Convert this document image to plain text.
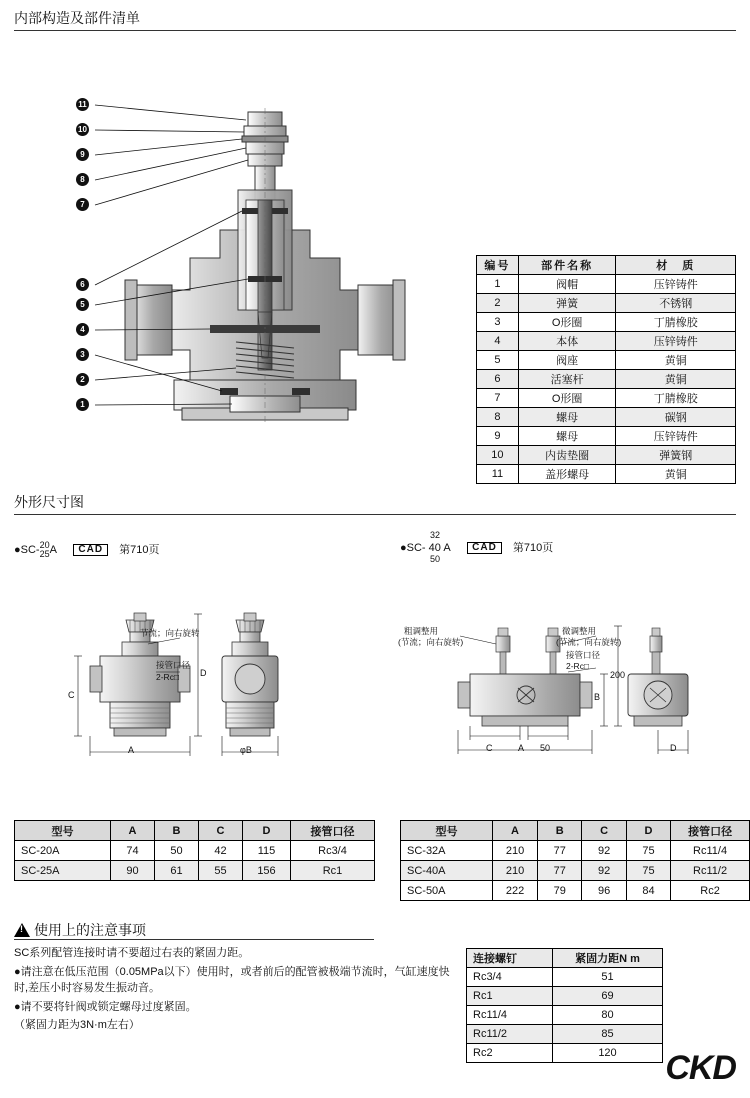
内部构造及部件清单
11
10
9
8
7
6
5
4
3
2
1
编号	部件名称	材　质
1	阀帽	压锌铸件
2	弹簧	不锈钢
3	O形圈	丁腈橡胶
4	本体	压锌铸件
5	阀座	黄铜
6	活塞杆	黄铜
7	O形圈	丁腈橡胶
8	螺母	碳钢
9	螺母	压锌铸件
10	内齿垫圈	弹簧钢
11	盖形螺母	黄铜
外形尺寸图
●SC- 20
25 A CAD 第710页
32
●SC- 40 A CAD 第710页
50
A	φB
C
D
节流；向右旋转
接管口径
2-Rc□
A
C	50
B
200
D
粗调整用
(节流；向右旋转)
微调整用
(节流；向右旋转)
接管口径
2-Rc□
型号	A	B	C	D	接管口径
SC-20A	74	50	42	115	Rc3/4
SC-25A	90	61	55	156	Rc1
型号	A	B	C	D	接管口径
SC-32A	210	77	92	75	Rc11/4
SC-40A	210	77	92	75	Rc11/2
SC-50A	222	79	96	84	Rc2
!使用上的注意事项

SC系列配管连接时请不要超过右表的紧固力距。

●请注意在低压范围（0.05MPa以下）使用时，或者前后的配管被极端节流时，气缸速度快时,差压小时容易发生振动音。

●请不要将针阀或锁定螺母过度紧固。

（紧固力距为3N·m左右）

连接螺钉	紧固力距N m
Rc3/4	51
Rc1	69
Rc11/4	80
Rc11/2	85
Rc2	120 CKD
